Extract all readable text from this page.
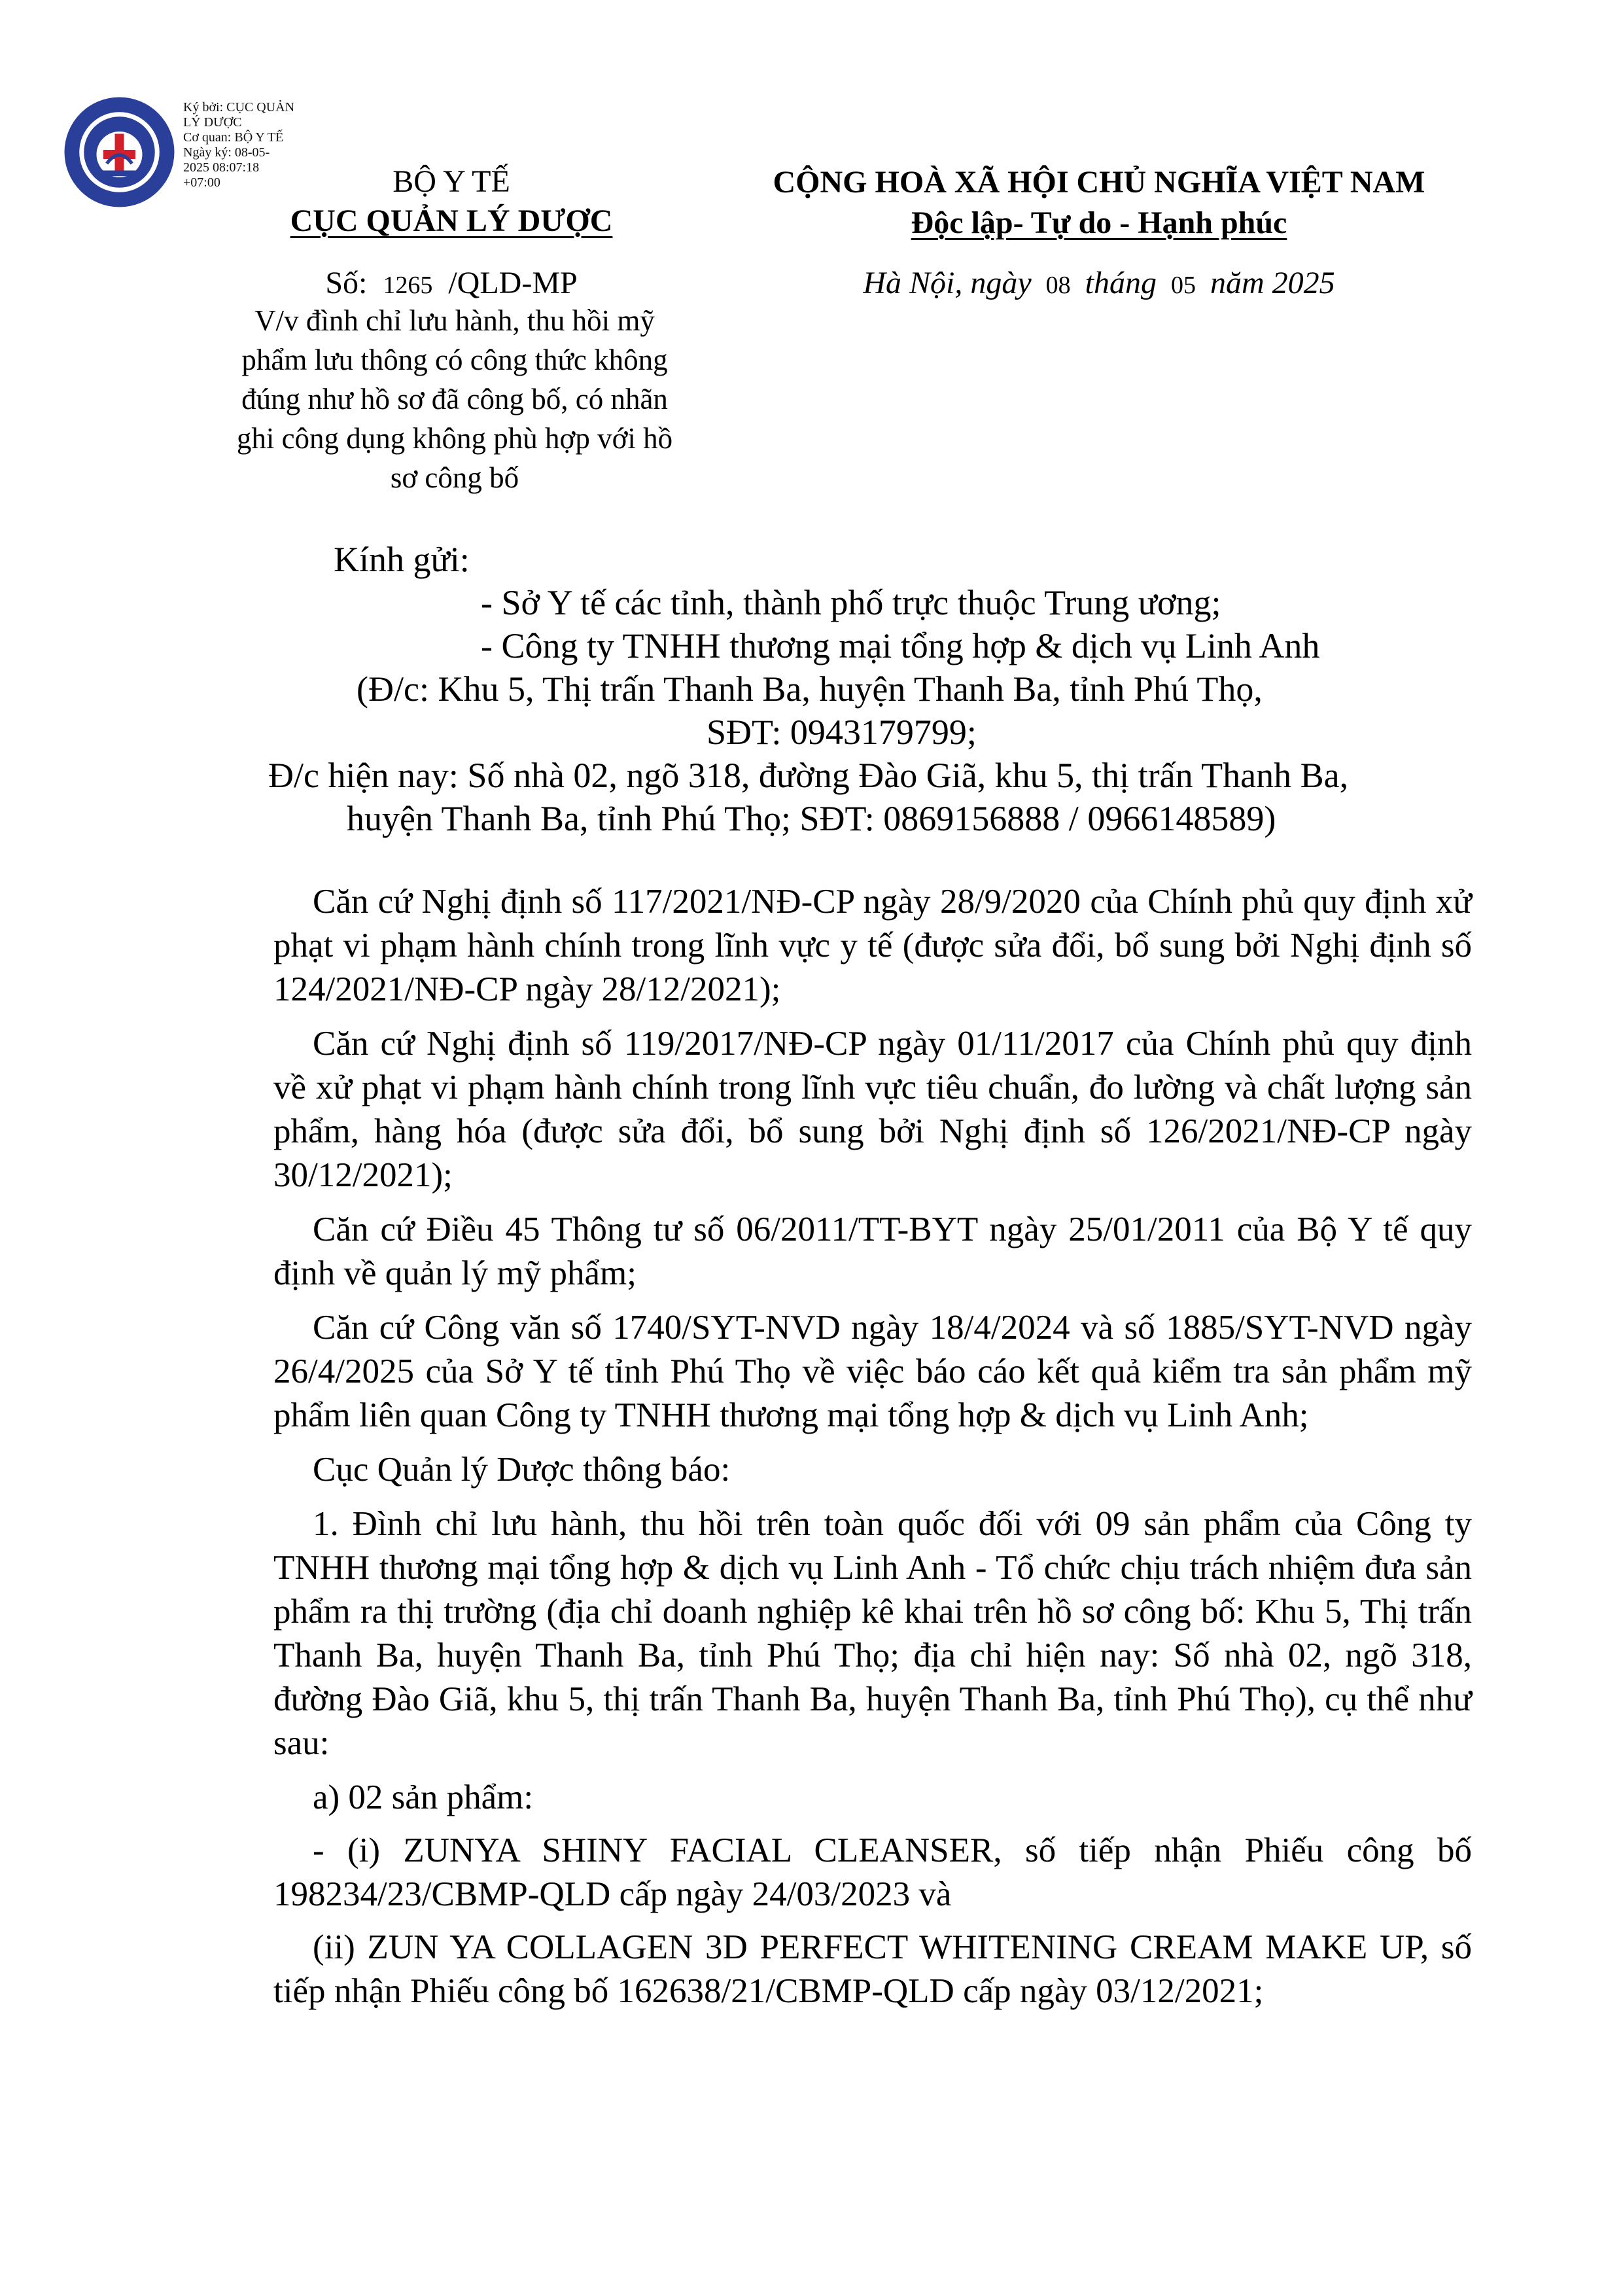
Ký bởi: CỤC QUẢN
LÝ DƯỢC
Cơ quan: BỘ Y TẾ
Ngày ký: 08-05-
2025 08:07:18
+07:00	BỘ Y TẾ
CỤC QUẢN LÝ DƯỢC
CỘNG HOÀ XÃ HỘI CHỦ NGHĨA VIỆT NAM
Độc lập- Tự do - Hạnh phúc
Số: 1265 /QLD-MP	Hà Nội, ngày 08 tháng 05 năm 2025
V/v đình chỉ lưu hành, thu hồi mỹ phẩm lưu thông có công thức không đúng như hồ sơ đã công bố, có nhãn ghi công dụng không phù hợp với hồ sơ công bố
Kính gửi:
- Sở Y tế các tỉnh, thành phố trực thuộc Trung ương;
- Công ty TNHH thương mại tổng hợp & dịch vụ Linh Anh
(Đ/c: Khu 5, Thị trấn Thanh Ba, huyện Thanh Ba, tỉnh Phú Thọ,
SĐT: 0943179799;
Đ/c hiện nay: Số nhà 02, ngõ 318, đường Đào Giã, khu 5, thị trấn Thanh Ba,
huyện Thanh Ba, tỉnh Phú Thọ; SĐT: 0869156888 / 0966148589)

Căn cứ Nghị định số 117/2021/NĐ-CP ngày 28/9/2020 của Chính phủ quy định xử phạt vi phạm hành chính trong lĩnh vực y tế (được sửa đổi, bổ sung bởi Nghị định số 124/2021/NĐ-CP ngày 28/12/2021);

Căn cứ Nghị định số 119/2017/NĐ-CP ngày 01/11/2017 của Chính phủ quy định về xử phạt vi phạm hành chính trong lĩnh vực tiêu chuẩn, đo lường và chất lượng sản phẩm, hàng hóa (được sửa đổi, bổ sung bởi Nghị định số 126/2021/NĐ-CP ngày 30/12/2021);

Căn cứ Điều 45 Thông tư số 06/2011/TT-BYT ngày 25/01/2011 của Bộ Y tế quy định về quản lý mỹ phẩm;

Căn cứ Công văn số 1740/SYT-NVD ngày 18/4/2024 và số 1885/SYT-NVD ngày 26/4/2025 của Sở Y tế tỉnh Phú Thọ về việc báo cáo kết quả kiểm tra sản phẩm mỹ phẩm liên quan Công ty TNHH thương mại tổng hợp & dịch vụ Linh Anh;

Cục Quản lý Dược thông báo:

1. Đình chỉ lưu hành, thu hồi trên toàn quốc đối với 09 sản phẩm của Công ty TNHH thương mại tổng hợp & dịch vụ Linh Anh - Tổ chức chịu trách nhiệm đưa sản phẩm ra thị trường (địa chỉ doanh nghiệp kê khai trên hồ sơ công bố: Khu 5, Thị trấn Thanh Ba, huyện Thanh Ba, tỉnh Phú Thọ; địa chỉ hiện nay: Số nhà 02, ngõ 318, đường Đào Giã, khu 5, thị trấn Thanh Ba, huyện Thanh Ba, tỉnh Phú Thọ), cụ thể như sau:

a) 02 sản phẩm:

- (i) ZUNYA SHINY FACIAL CLEANSER, số tiếp nhận Phiếu công bố 198234/23/CBMP-QLD cấp ngày 24/03/2023 và

(ii) ZUN YA COLLAGEN 3D PERFECT WHITENING CREAM MAKE UP, số tiếp nhận Phiếu công bố 162638/21/CBMP-QLD cấp ngày 03/12/2021;
